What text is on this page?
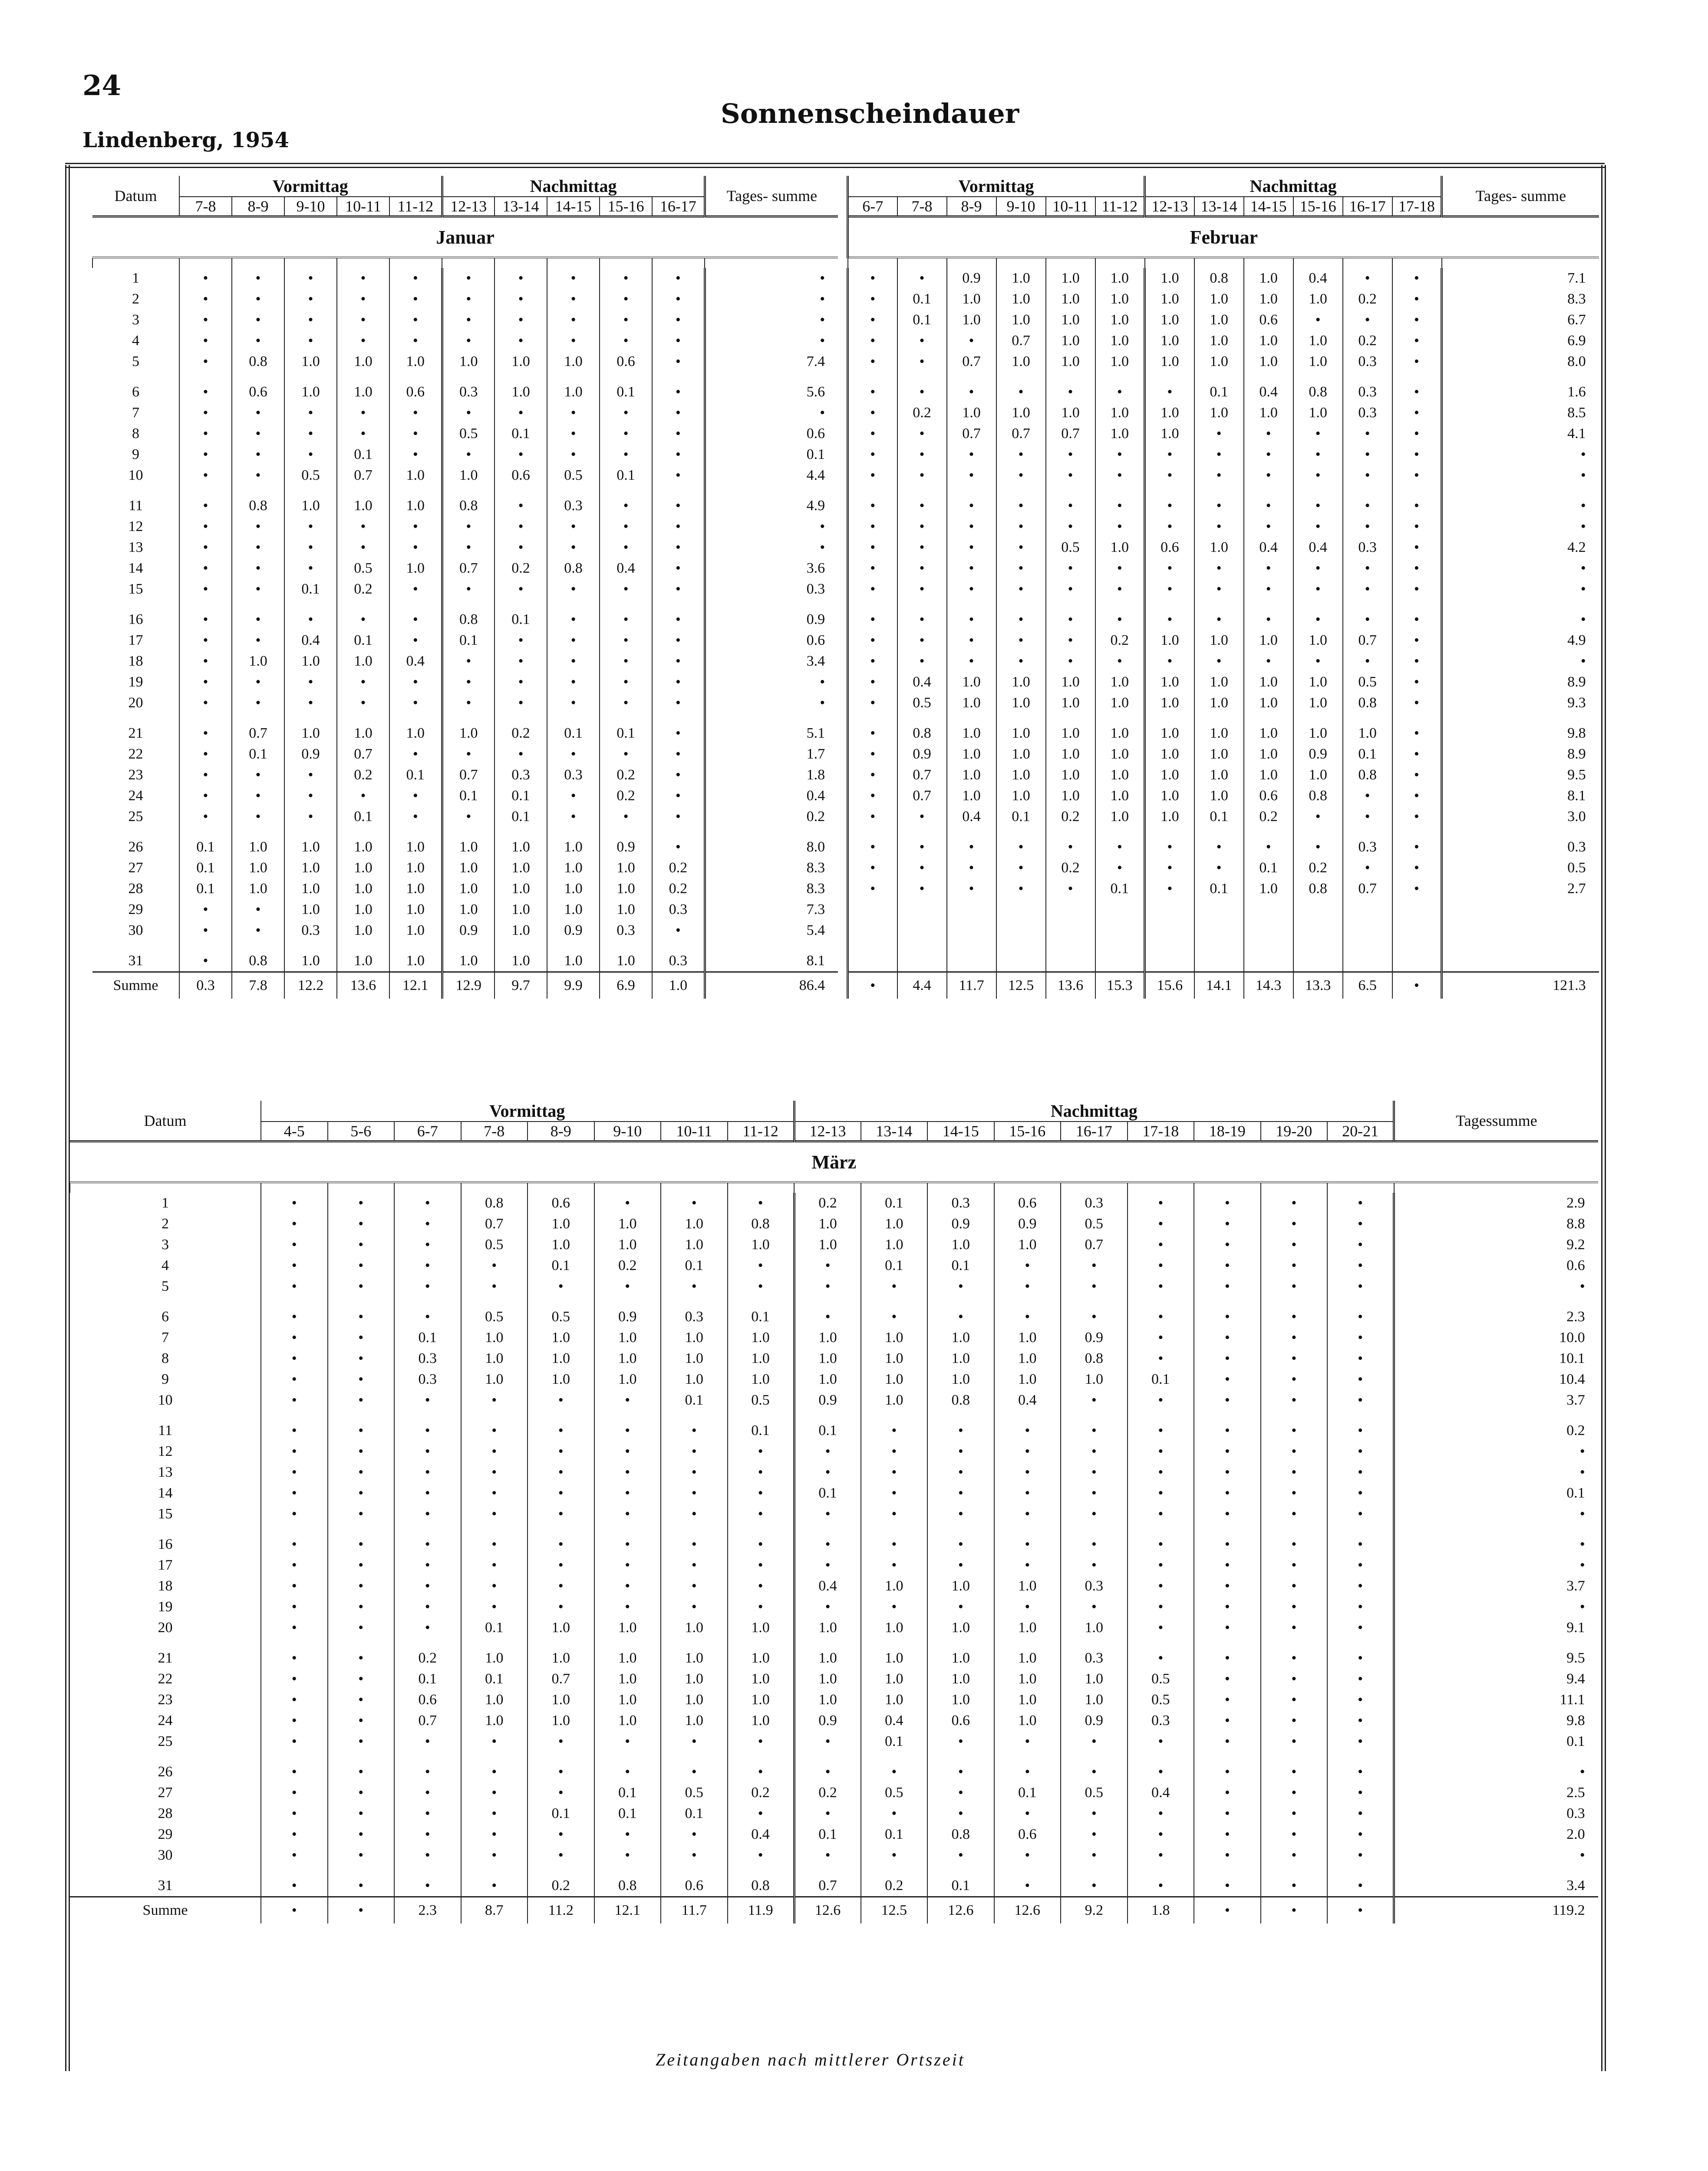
24
Sonnenscheindauer
Lindenberg, 1954
Datum	Vormittag					Nachmittag					Tages- summe
	7-8	8-9	9-10	10-11	11-12	12-13	13-14	14-15	15-16	16-17	
Januar											

1	•	•	•	•	•	•	•	•	•	•	•
2	•	•	•	•	•	•	•	•	•	•	•
3	•	•	•	•	•	•	•	•	•	•	•
4	•	•	•	•	•	•	•	•	•	•	•
5	•	0.8	1.0	1.0	1.0	1.0	1.0	1.0	0.6	•	7.4

6	•	0.6	1.0	1.0	0.6	0.3	1.0	1.0	0.1	•	5.6
7	•	•	•	•	•	•	•	•	•	•	•
8	•	•	•	•	•	0.5	0.1	•	•	•	0.6
9	•	•	•	0.1	•	•	•	•	•	•	0.1
10	•	•	0.5	0.7	1.0	1.0	0.6	0.5	0.1	•	4.4

11	•	0.8	1.0	1.0	1.0	0.8	•	0.3	•	•	4.9
12	•	•	•	•	•	•	•	•	•	•	•
13	•	•	•	•	•	•	•	•	•	•	•
14	•	•	•	0.5	1.0	0.7	0.2	0.8	0.4	•	3.6
15	•	•	0.1	0.2	•	•	•	•	•	•	0.3

16	•	•	•	•	•	0.8	0.1	•	•	•	0.9
17	•	•	0.4	0.1	•	0.1	•	•	•	•	0.6
18	•	1.0	1.0	1.0	0.4	•	•	•	•	•	3.4
19	•	•	•	•	•	•	•	•	•	•	•
20	•	•	•	•	•	•	•	•	•	•	•

21	•	0.7	1.0	1.0	1.0	1.0	0.2	0.1	0.1	•	5.1
22	•	0.1	0.9	0.7	•	•	•	•	•	•	1.7
23	•	•	•	0.2	0.1	0.7	0.3	0.3	0.2	•	1.8
24	•	•	•	•	•	0.1	0.1	•	0.2	•	0.4
25	•	•	•	0.1	•	•	0.1	•	•	•	0.2

26	0.1	1.0	1.0	1.0	1.0	1.0	1.0	1.0	0.9	•	8.0
27	0.1	1.0	1.0	1.0	1.0	1.0	1.0	1.0	1.0	0.2	8.3
28	0.1	1.0	1.0	1.0	1.0	1.0	1.0	1.0	1.0	0.2	8.3
29	•	•	1.0	1.0	1.0	1.0	1.0	1.0	1.0	0.3	7.3
30	•	•	0.3	1.0	1.0	0.9	1.0	0.9	0.3	•	5.4

31	•	0.8	1.0	1.0	1.0	1.0	1.0	1.0	1.0	0.3	8.1
Summe	0.3	7.8	12.2	13.6	12.1	12.9	9.7	9.9	6.9	1.0	86.4
Vormittag						Nachmittag						Tages- summe
6-7	7-8	8-9	9-10	10-11	11-12	12-13	13-14	14-15	15-16	16-17	17-18	
Februar												

•	•	0.9	1.0	1.0	1.0	1.0	0.8	1.0	0.4	•	•	7.1
•	0.1	1.0	1.0	1.0	1.0	1.0	1.0	1.0	1.0	0.2	•	8.3
•	0.1	1.0	1.0	1.0	1.0	1.0	1.0	0.6	•	•	•	6.7
•	•	•	0.7	1.0	1.0	1.0	1.0	1.0	1.0	0.2	•	6.9
•	•	0.7	1.0	1.0	1.0	1.0	1.0	1.0	1.0	0.3	•	8.0

•	•	•	•	•	•	•	0.1	0.4	0.8	0.3	•	1.6
•	0.2	1.0	1.0	1.0	1.0	1.0	1.0	1.0	1.0	0.3	•	8.5
•	•	0.7	0.7	0.7	1.0	1.0	•	•	•	•	•	4.1
•	•	•	•	•	•	•	•	•	•	•	•	•
•	•	•	•	•	•	•	•	•	•	•	•	•

•	•	•	•	•	•	•	•	•	•	•	•	•
•	•	•	•	•	•	•	•	•	•	•	•	•
•	•	•	•	0.5	1.0	0.6	1.0	0.4	0.4	0.3	•	4.2
•	•	•	•	•	•	•	•	•	•	•	•	•
•	•	•	•	•	•	•	•	•	•	•	•	•

•	•	•	•	•	•	•	•	•	•	•	•	•
•	•	•	•	•	0.2	1.0	1.0	1.0	1.0	0.7	•	4.9
•	•	•	•	•	•	•	•	•	•	•	•	•
•	0.4	1.0	1.0	1.0	1.0	1.0	1.0	1.0	1.0	0.5	•	8.9
•	0.5	1.0	1.0	1.0	1.0	1.0	1.0	1.0	1.0	0.8	•	9.3

•	0.8	1.0	1.0	1.0	1.0	1.0	1.0	1.0	1.0	1.0	•	9.8
•	0.9	1.0	1.0	1.0	1.0	1.0	1.0	1.0	0.9	0.1	•	8.9
•	0.7	1.0	1.0	1.0	1.0	1.0	1.0	1.0	1.0	0.8	•	9.5
•	0.7	1.0	1.0	1.0	1.0	1.0	1.0	0.6	0.8	•	•	8.1
•	•	0.4	0.1	0.2	1.0	1.0	0.1	0.2	•	•	•	3.0

•	•	•	•	•	•	•	•	•	•	0.3	•	0.3
•	•	•	•	0.2	•	•	•	0.1	0.2	•	•	0.5
•	•	•	•	•	0.1	•	0.1	1.0	0.8	0.7	•	2.7

•	4.4	11.7	12.5	13.6	15.3	15.6	14.1	14.3	13.3	6.5	•	121.3
Datum	Vormittag								Nachmittag									Tagessumme
	4-5	5-6	6-7	7-8	8-9	9-10	10-11	11-12	12-13	13-14	14-15	15-16	16-17	17-18	18-19	19-20	20-21	
März																		

1	•	•	•	0.8	0.6	•	•	•	0.2	0.1	0.3	0.6	0.3	•	•	•	•	2.9
2	•	•	•	0.7	1.0	1.0	1.0	0.8	1.0	1.0	0.9	0.9	0.5	•	•	•	•	8.8
3	•	•	•	0.5	1.0	1.0	1.0	1.0	1.0	1.0	1.0	1.0	0.7	•	•	•	•	9.2
4	•	•	•	•	0.1	0.2	0.1	•	•	0.1	0.1	•	•	•	•	•	•	0.6
5	•	•	•	•	•	•	•	•	•	•	•	•	•	•	•	•	•	•

6	•	•	•	0.5	0.5	0.9	0.3	0.1	•	•	•	•	•	•	•	•	•	2.3
7	•	•	0.1	1.0	1.0	1.0	1.0	1.0	1.0	1.0	1.0	1.0	0.9	•	•	•	•	10.0
8	•	•	0.3	1.0	1.0	1.0	1.0	1.0	1.0	1.0	1.0	1.0	0.8	•	•	•	•	10.1
9	•	•	0.3	1.0	1.0	1.0	1.0	1.0	1.0	1.0	1.0	1.0	1.0	0.1	•	•	•	10.4
10	•	•	•	•	•	•	0.1	0.5	0.9	1.0	0.8	0.4	•	•	•	•	•	3.7

11	•	•	•	•	•	•	•	0.1	0.1	•	•	•	•	•	•	•	•	0.2
12	•	•	•	•	•	•	•	•	•	•	•	•	•	•	•	•	•	•
13	•	•	•	•	•	•	•	•	•	•	•	•	•	•	•	•	•	•
14	•	•	•	•	•	•	•	•	0.1	•	•	•	•	•	•	•	•	0.1
15	•	•	•	•	•	•	•	•	•	•	•	•	•	•	•	•	•	•

16	•	•	•	•	•	•	•	•	•	•	•	•	•	•	•	•	•	•
17	•	•	•	•	•	•	•	•	•	•	•	•	•	•	•	•	•	•
18	•	•	•	•	•	•	•	•	0.4	1.0	1.0	1.0	0.3	•	•	•	•	3.7
19	•	•	•	•	•	•	•	•	•	•	•	•	•	•	•	•	•	•
20	•	•	•	0.1	1.0	1.0	1.0	1.0	1.0	1.0	1.0	1.0	1.0	•	•	•	•	9.1

21	•	•	0.2	1.0	1.0	1.0	1.0	1.0	1.0	1.0	1.0	1.0	0.3	•	•	•	•	9.5
22	•	•	0.1	0.1	0.7	1.0	1.0	1.0	1.0	1.0	1.0	1.0	1.0	0.5	•	•	•	9.4
23	•	•	0.6	1.0	1.0	1.0	1.0	1.0	1.0	1.0	1.0	1.0	1.0	0.5	•	•	•	11.1
24	•	•	0.7	1.0	1.0	1.0	1.0	1.0	0.9	0.4	0.6	1.0	0.9	0.3	•	•	•	9.8
25	•	•	•	•	•	•	•	•	•	0.1	•	•	•	•	•	•	•	0.1

26	•	•	•	•	•	•	•	•	•	•	•	•	•	•	•	•	•	•
27	•	•	•	•	•	0.1	0.5	0.2	0.2	0.5	•	0.1	0.5	0.4	•	•	•	2.5
28	•	•	•	•	0.1	0.1	0.1	•	•	•	•	•	•	•	•	•	•	0.3
29	•	•	•	•	•	•	•	0.4	0.1	0.1	0.8	0.6	•	•	•	•	•	2.0
30	•	•	•	•	•	•	•	•	•	•	•	•	•	•	•	•	•	•

31	•	•	•	•	0.2	0.8	0.6	0.8	0.7	0.2	0.1	•	•	•	•	•	•	3.4
Summe	•	•	2.3	8.7	11.2	12.1	11.7	11.9	12.6	12.5	12.6	12.6	9.2	1.8	•	•	•	119.2
Zeitangaben nach mittlerer Ortszeit
